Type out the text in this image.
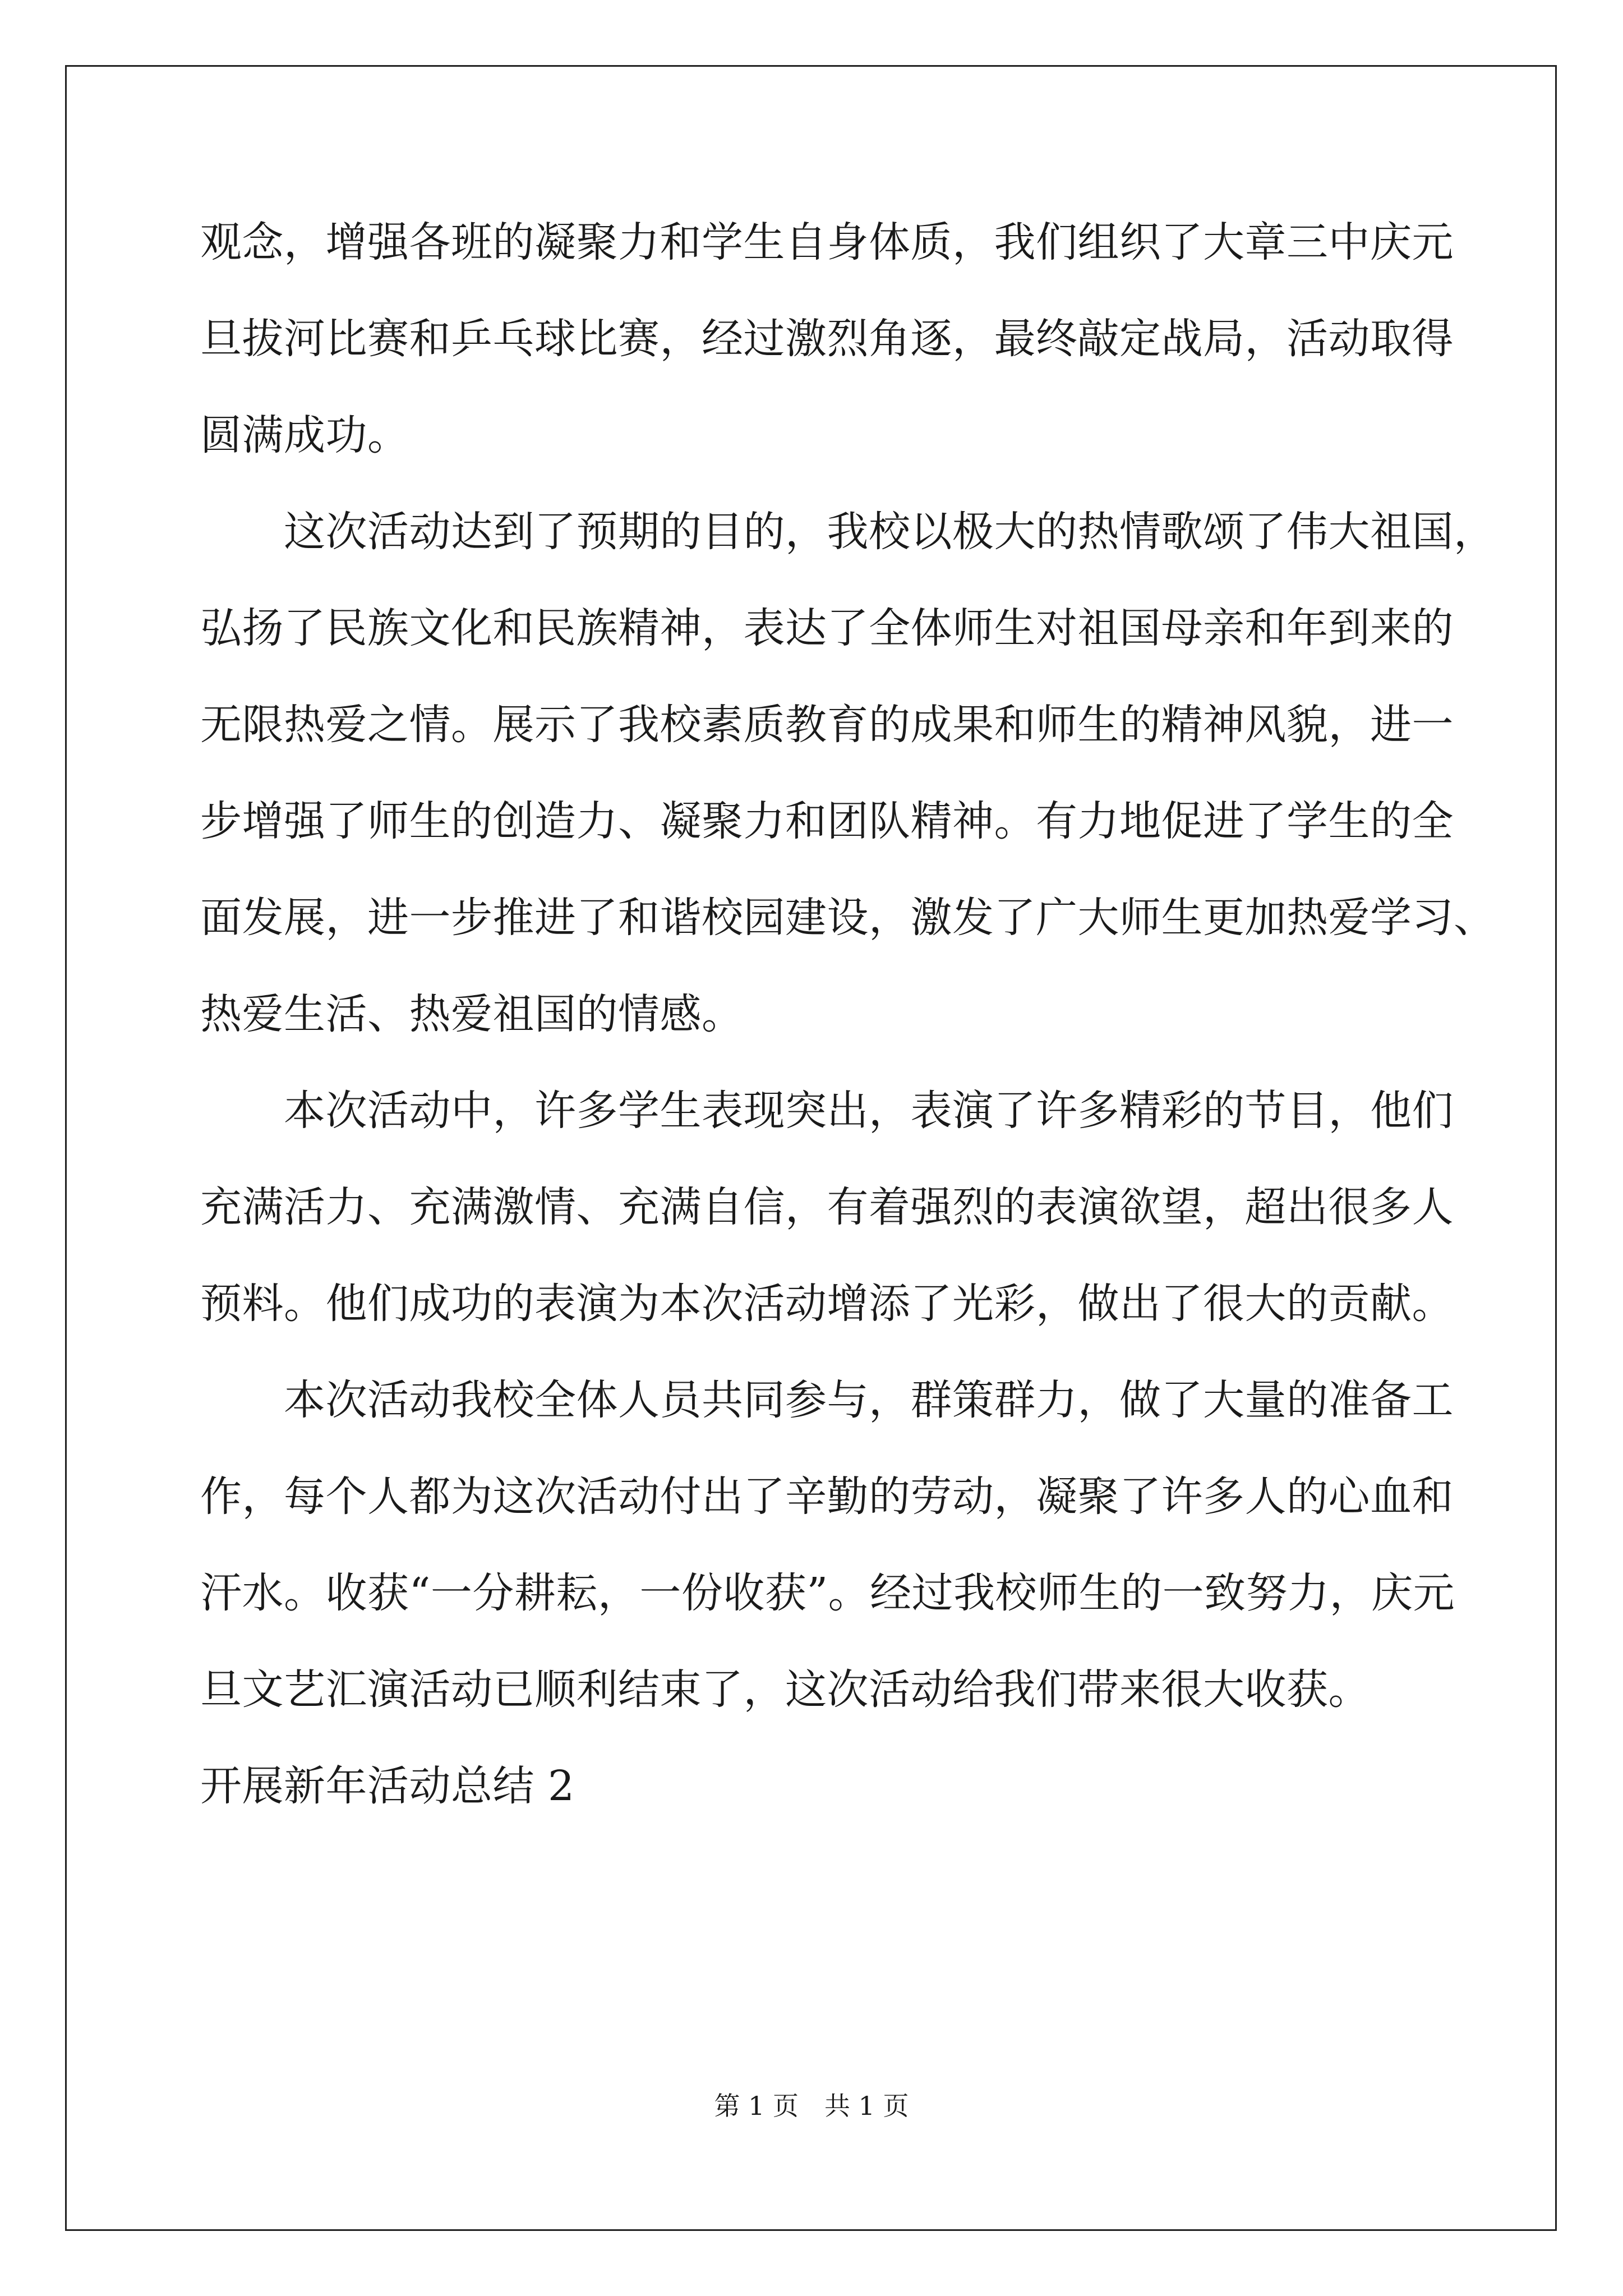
观念，增强各班的凝聚力和学生自身体质，我们组织了大章三中庆元
旦拔河比赛和乒乓球比赛，经过激烈角逐，最终敲定战局，活动取得
圆满成功。
　　这次活动达到了预期的目的，我校以极大的热情歌颂了伟大祖国，
弘扬了民族文化和民族精神，表达了全体师生对祖国母亲和年到来的
无限热爱之情。展示了我校素质教育的成果和师生的精神风貌，进一
步增强了师生的创造力、凝聚力和团队精神。有力地促进了学生的全
面发展，进一步推进了和谐校园建设，激发了广大师生更加热爱学习、
热爱生活、热爱祖国的情感。
　　本次活动中，许多学生表现突出，表演了许多精彩的节目，他们
充满活力、充满激情、充满自信，有着强烈的表演欲望，超出很多人
预料。他们成功的表演为本次活动增添了光彩，做出了很大的贡献。
　　本次活动我校全体人员共同参与，群策群力，做了大量的准备工
作，每个人都为这次活动付出了辛勤的劳动，凝聚了许多人的心血和
汗水。收获“一分耕耘，一份收获”。经过我校师生的一致努力，庆元
旦文艺汇演活动已顺利结束了，这次活动给我们带来很大收获。
开展新年活动总结 2
第 1 页　共 1 页
